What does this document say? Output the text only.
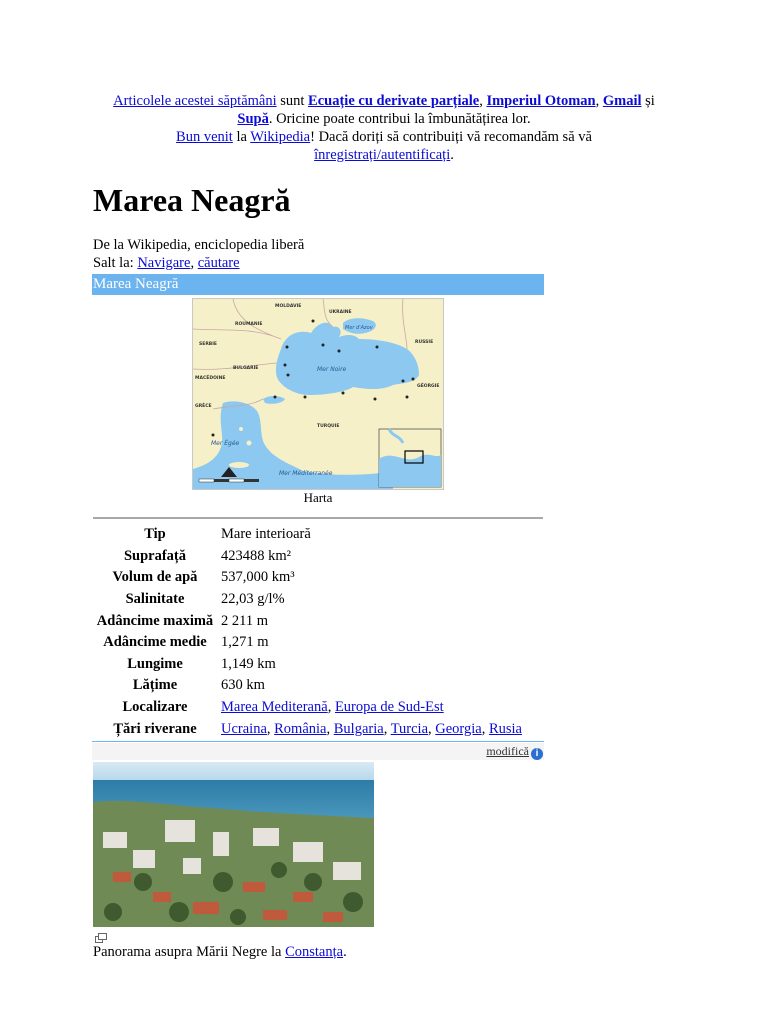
Articolele acestei săptămâni sunt Ecuație cu derivate parțiale, Imperiul Otoman, Gmail și
Supă. Oricine poate contribui la îmbunătățirea lor.
Bun venit la Wikipedia! Dacă doriți să contribuiți vă recomandăm să vă
înregistrați/autentificați.
Marea Neagră
De la Wikipedia, enciclopedia liberă
Salt la: Navigare, căutare
Marea Neagră
MOLDAVIE
UKRAINE
ROUMANIE
RUSSIE
SERBIE
BULGARIE
MACÉDOINE
GRÈCE
TURQUIE
GÉORGIE
Mer Noire
Mer Égée
Mer Méditerranée
Mer d'Azov
Harta
Tip	Mare interioară
Suprafață	423488 km²
Volum de apă	537,000 km³
Salinitate	22,03 g/l%
Adâncime maximă	2 211 m
Adâncime medie	1,271 m
Lungime	1,149 km
Lățime	630 km
Localizare	Marea Mediterană, Europa de Sud-Est
Țări riverane	Ucraina, România, Bulgaria, Turcia, Georgia, Rusia
modifică i
Panorama asupra Mării Negre la Constanța.
